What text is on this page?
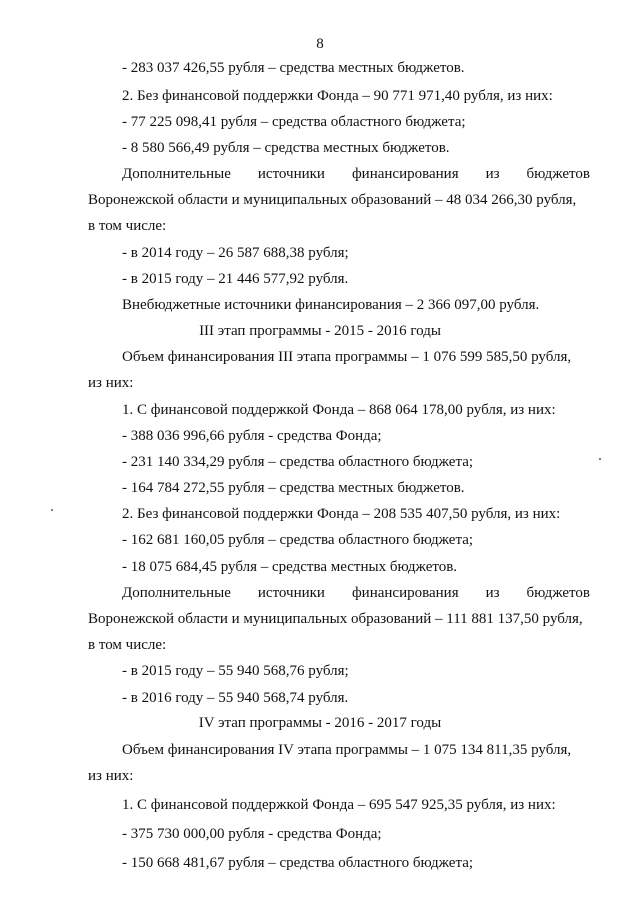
8
- 283 037 426,55 рубля – средства местных бюджетов.
2. Без финансовой поддержки Фонда – 90 771 971,40 рубля, из них:
- 77 225 098,41 рубля – средства областного бюджета;
- 8 580 566,49 рубля – средства местных бюджетов.
Дополнительные источники финансирования из бюджетов
Воронежской области и муниципальных образований – 48 034 266,30 рубля,
в том числе:
- в 2014 году – 26 587 688,38 рубля;
- в 2015 году – 21 446 577,92 рубля.
Внебюджетные источники финансирования – 2 366 097,00 рубля.
III этап программы - 2015 - 2016 годы
Объем финансирования III этапа программы – 1 076 599 585,50 рубля,
из них:
1. С финансовой поддержкой Фонда – 868 064 178,00 рубля, из них:
- 388 036 996,66 рубля - средства Фонда;
- 231 140 334,29 рубля – средства областного бюджета;
- 164 784 272,55 рубля – средства местных бюджетов.
2. Без финансовой поддержки Фонда – 208 535 407,50 рубля, из них:
- 162 681 160,05 рубля – средства областного бюджета;
- 18 075 684,45 рубля – средства местных бюджетов.
Дополнительные источники финансирования из бюджетов
Воронежской области и муниципальных образований – 111 881 137,50 рубля,
в том числе:
- в 2015 году – 55 940 568,76 рубля;
- в 2016 году – 55 940 568,74 рубля.
IV этап программы - 2016 - 2017 годы
Объем финансирования IV этапа программы – 1 075 134 811,35 рубля,
из них:
1. С финансовой поддержкой Фонда – 695 547 925,35 рубля, из них:
- 375 730 000,00 рубля - средства Фонда;
- 150 668 481,67 рубля – средства областного бюджета;
